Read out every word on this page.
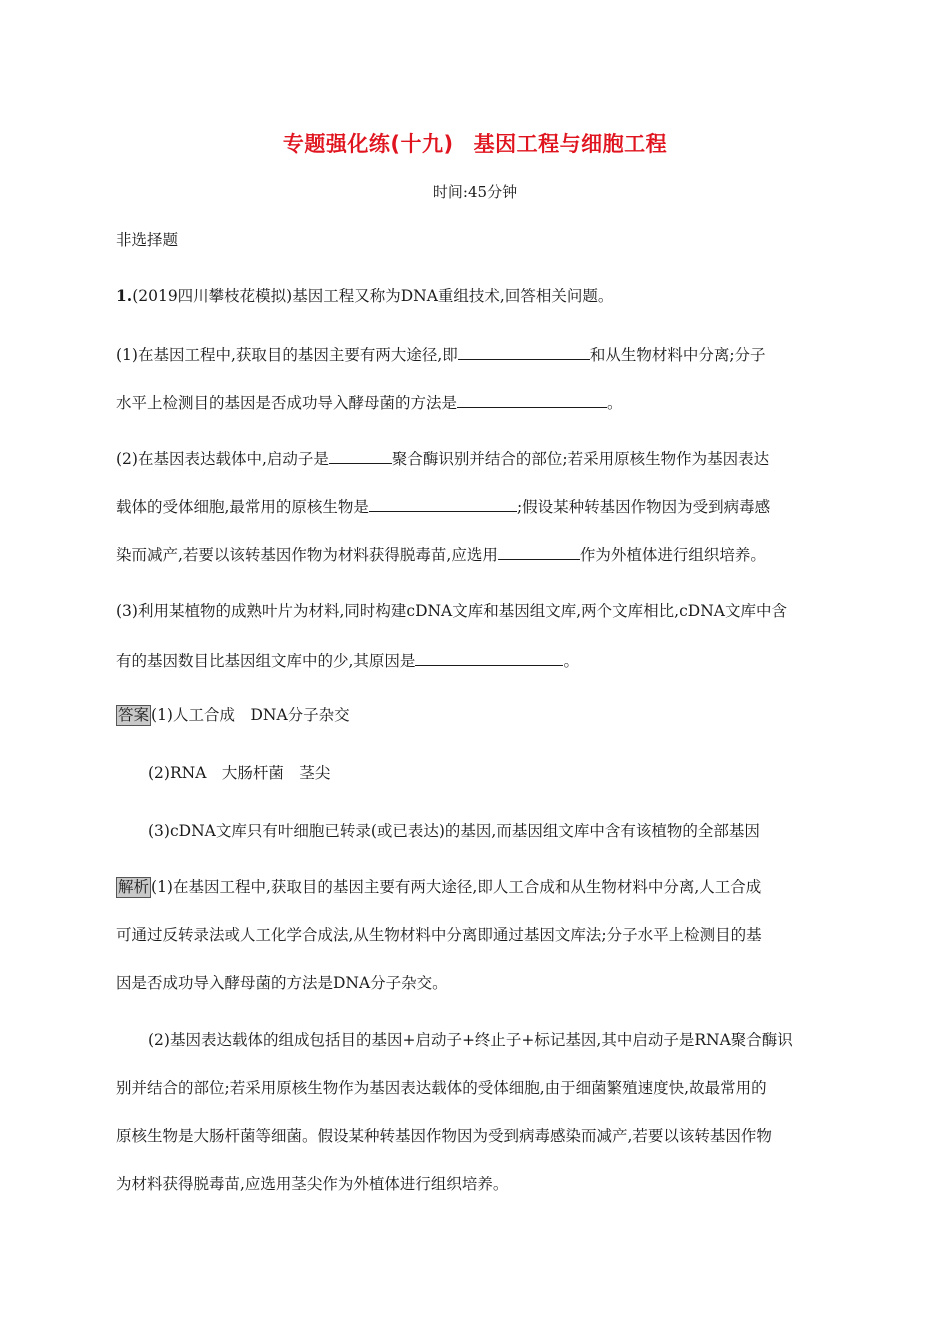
专题强化练(十九) 基因工程与细胞工程
时间:45分钟
非选择题
1.(2019四川攀枝花模拟)基因工程又称为DNA重组技术,回答相关问题。
(1)在基因工程中,获取目的基因主要有两大途径,即	和从生物材料中分离;分子
水平上检测目的基因是否成功导入酵母菌的方法是	。
(2)在基因表达载体中,启动子是	聚合酶识别并结合的部位;若采用原核生物作为基因表达
载体的受体细胞,最常用的原核生物是	;假设某种转基因作物因为受到病毒感
染而减产,若要以该转基因作物为材料获得脱毒苗,应选用	作为外植体进行组织培养。
(3)利用某植物的成熟叶片为材料,同时构建cDNA文库和基因组文库,两个文库相比,cDNA文库中含
有的基因数目比基因组文库中的少,其原因是	。
答案 (1)人工合成　DNA分子杂交
(2)RNA　大肠杆菌　茎尖
(3)cDNA文库只有叶细胞已转录(或已表达)的基因,而基因组文库中含有该植物的全部基因
解析 (1)在基因工程中,获取目的基因主要有两大途径,即人工合成和从生物材料中分离,人工合成
可通过反转录法或人工化学合成法,从生物材料中分离即通过基因文库法;分子水平上检测目的基
因是否成功导入酵母菌的方法是DNA分子杂交。
(2)基因表达载体的组成包括目的基因+启动子+终止子+标记基因,其中启动子是RNA聚合酶识
别并结合的部位;若采用原核生物作为基因表达载体的受体细胞,由于细菌繁殖速度快,故最常用的
原核生物是大肠杆菌等细菌。假设某种转基因作物因为受到病毒感染而减产,若要以该转基因作物
为材料获得脱毒苗,应选用茎尖作为外植体进行组织培养。
